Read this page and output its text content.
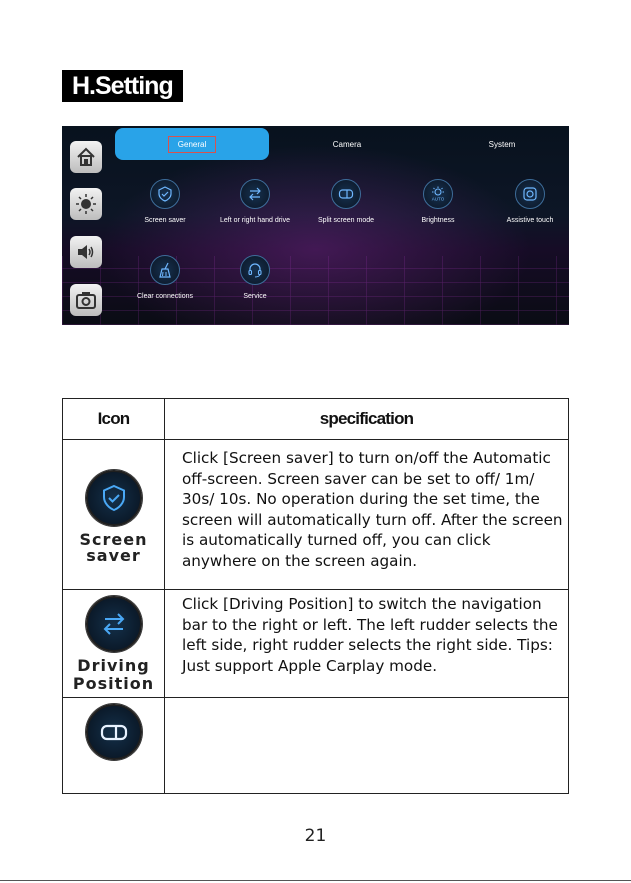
H.Setting
General	Camera	System
Screen saver	Left or right hand drive	Split screen mode
AUTO
Brightness	Assistive touch
Clear connections	Service
Icon	specification

Screen
saver	Click [Screen saver] to turn on/off the Automatic off-screen. Screen saver can be set to off/ 1m/ 30s/ 10s. No operation during the set time, the screen will automatically turn off. After the screen is automatically turned off, you can click anywhere on the screen again.

Driving
Position	Click [Driving Position] to switch the navigation bar to the right or left. The left rudder selects the left side, right rudder selects the right side. Tips: Just support Apple Carplay mode.

21
